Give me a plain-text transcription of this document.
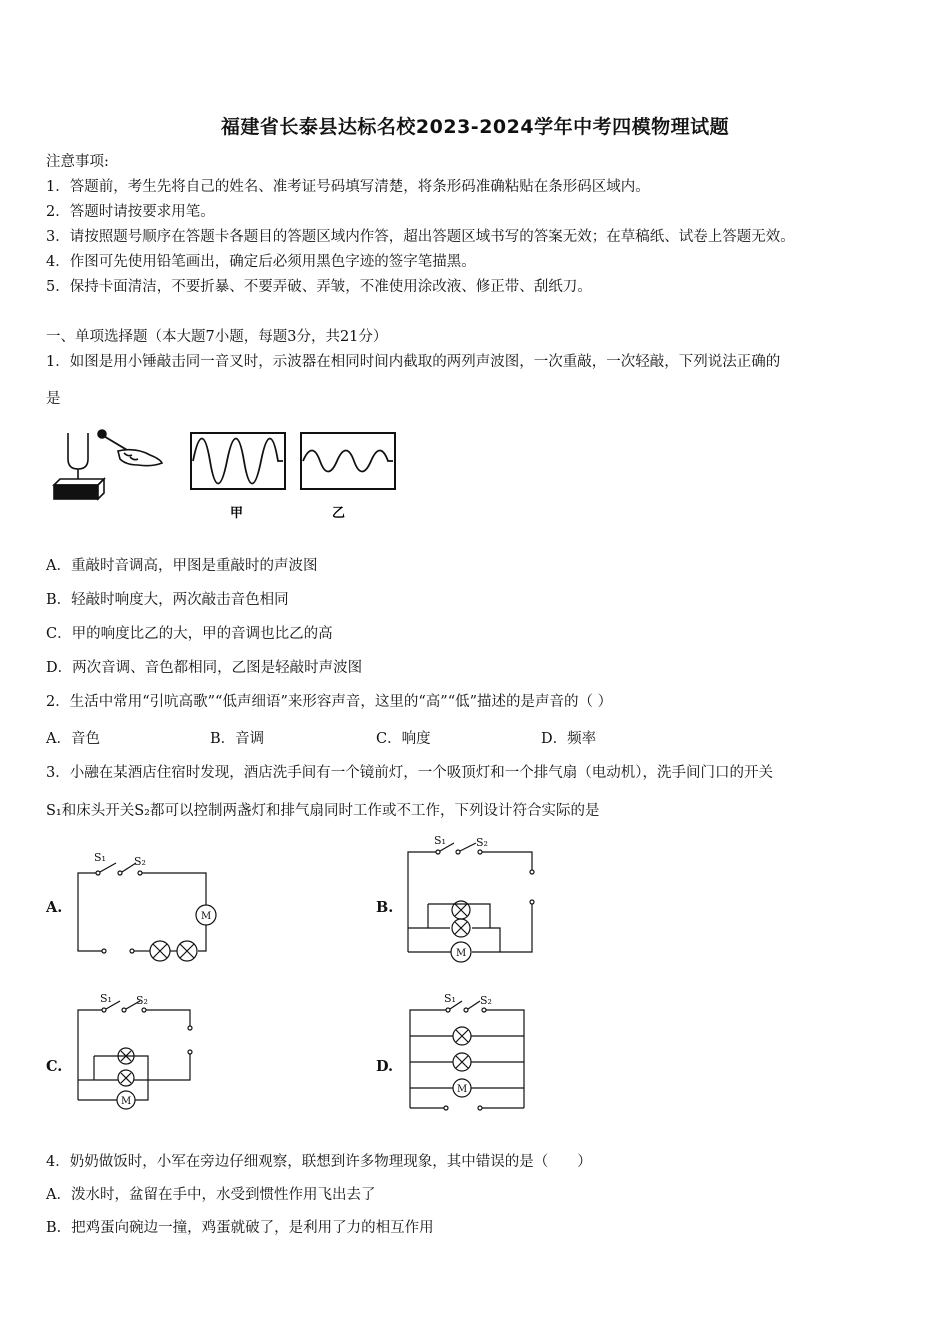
福建省长泰县达标名校2023-2024学年中考四模物理试题
注意事项:
1．答题前，考生先将自己的姓名、准考证号码填写清楚，将条形码准确粘贴在条形码区域内。
2．答题时请按要求用笔。
3．请按照题号顺序在答题卡各题目的答题区域内作答，超出答题区域书写的答案无效；在草稿纸、试卷上答题无效。
4．作图可先使用铅笔画出，确定后必须用黑色字迹的签字笔描黑。
5．保持卡面清洁，不要折暴、不要弄破、弄皱，不准使用涂改液、修正带、刮纸刀。
一、单项选择题（本大题7小题，每题3分，共21分）
1．如图是用小锤敲击同一音叉时，示波器在相同时间内截取的两列声波图，一次重敲，一次轻敲，下列说法正确的
是
甲	乙
A．重敲时音调高，甲图是重敲时的声波图
B．轻敲时响度大，两次敲击音色相同
C．甲的响度比乙的大，甲的音调也比乙的高
D．两次音调、音色都相同，乙图是轻敲时声波图
2．生活中常用“引吭高歌”“低声细语”来形容声音，这里的“高”“低”描述的是声音的（ ）
A．音色	B．音调	C．响度	D．频率
3．小融在某酒店住宿时发现，酒店洗手间有一个镜前灯，一个吸顶灯和一个排气扇（电动机），洗手间门口的开关
S₁和床头开关S₂都可以控制两盏灯和排气扇同时工作或不工作，下列设计符合实际的是
A.
S₁	S₂
M
B.
S₁	S₂
M
C.
S₁ S₂
M
D.
S₁ S₂
M
4．奶奶做饭时，小军在旁边仔细观察，联想到许多物理现象，其中错误的是（　　）
A．泼水时，盆留在手中，水受到惯性作用飞出去了
B．把鸡蛋向碗边一撞，鸡蛋就破了，是利用了力的相互作用
